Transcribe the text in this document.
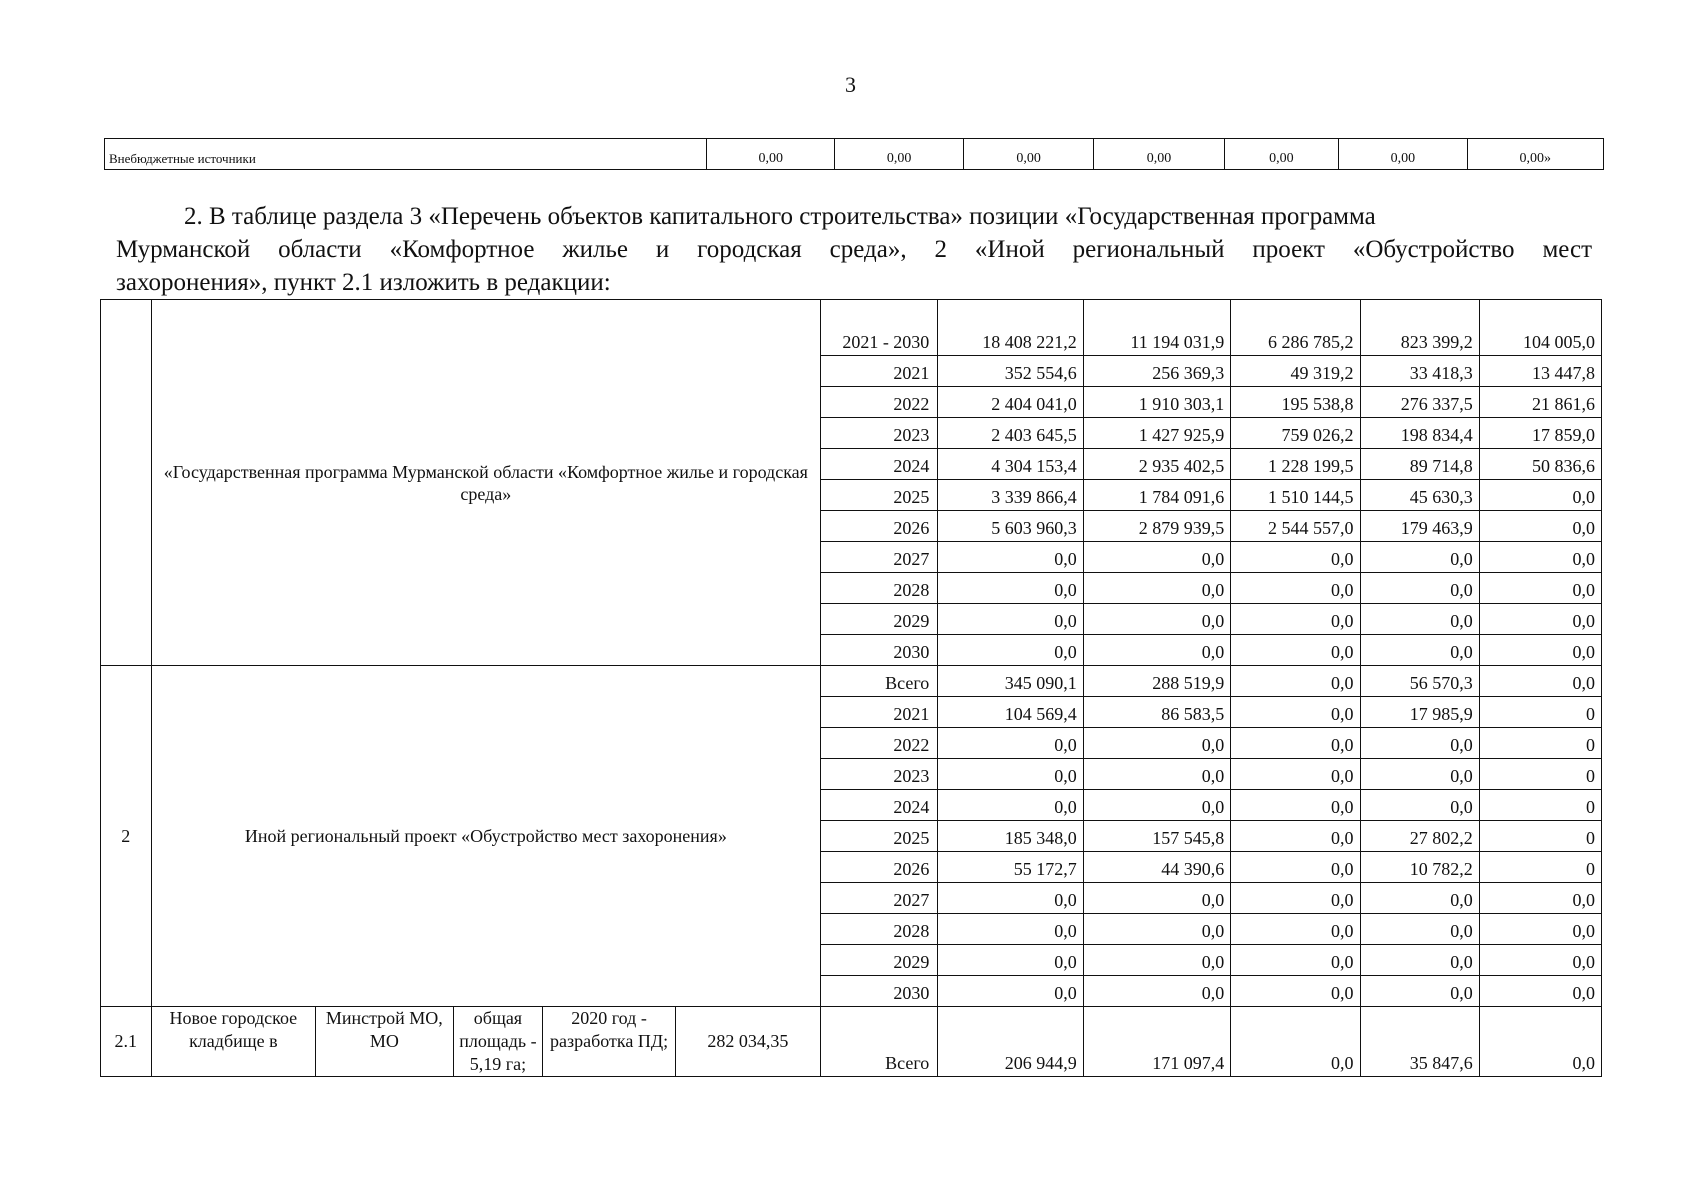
3
Внебюджетные источники	0,00	0,00	0,00	0,00	0,00	0,00	0,00»
2. В таблице раздела 3 «Перечень объектов капитального строительства» позиции «Государственная программа
Мурманской области «Комфортное жилье и городская среда», 2 «Иной региональный проект «Обустройство мест
захоронения», пункт 2.1 изложить в редакции:
	«Государственная программа Мурманской области «Комфортное жилье и городская среда»					2021 - 2030	18 408 221,2	11 194 031,9	6 286 785,2	823 399,2	104 005,0
						2021	352 554,6	256 369,3	49 319,2	33 418,3	13 447,8
						2022	2 404 041,0	1 910 303,1	195 538,8	276 337,5	21 861,6
						2023	2 403 645,5	1 427 925,9	759 026,2	198 834,4	17 859,0
						2024	4 304 153,4	2 935 402,5	1 228 199,5	89 714,8	50 836,6
						2025	3 339 866,4	1 784 091,6	1 510 144,5	45 630,3	0,0
						2026	5 603 960,3	2 879 939,5	2 544 557,0	179 463,9	0,0
						2027	0,0	0,0	0,0	0,0	0,0
						2028	0,0	0,0	0,0	0,0	0,0
						2029	0,0	0,0	0,0	0,0	0,0
						2030	0,0	0,0	0,0	0,0	0,0
2	Иной региональный проект «Обустройство мест захоронения»					Всего	345 090,1	288 519,9	0,0	56 570,3	0,0
						2021	104 569,4	86 583,5	0,0	17 985,9	0
						2022	0,0	0,0	0,0	0,0	0
						2023	0,0	0,0	0,0	0,0	0
						2024	0,0	0,0	0,0	0,0	0
						2025	185 348,0	157 545,8	0,0	27 802,2	0
						2026	55 172,7	44 390,6	0,0	10 782,2	0
						2027	0,0	0,0	0,0	0,0	0,0
						2028	0,0	0,0	0,0	0,0	0,0
						2029	0,0	0,0	0,0	0,0	0,0
						2030	0,0	0,0	0,0	0,0	0,0
2.1	Новое городское кладбище в	Минстрой МО, МО	общая площадь - 5,19 га;	2020 год - разработка ПД;	282 034,35	Всего	206 944,9	171 097,4	0,0	35 847,6	0,0
